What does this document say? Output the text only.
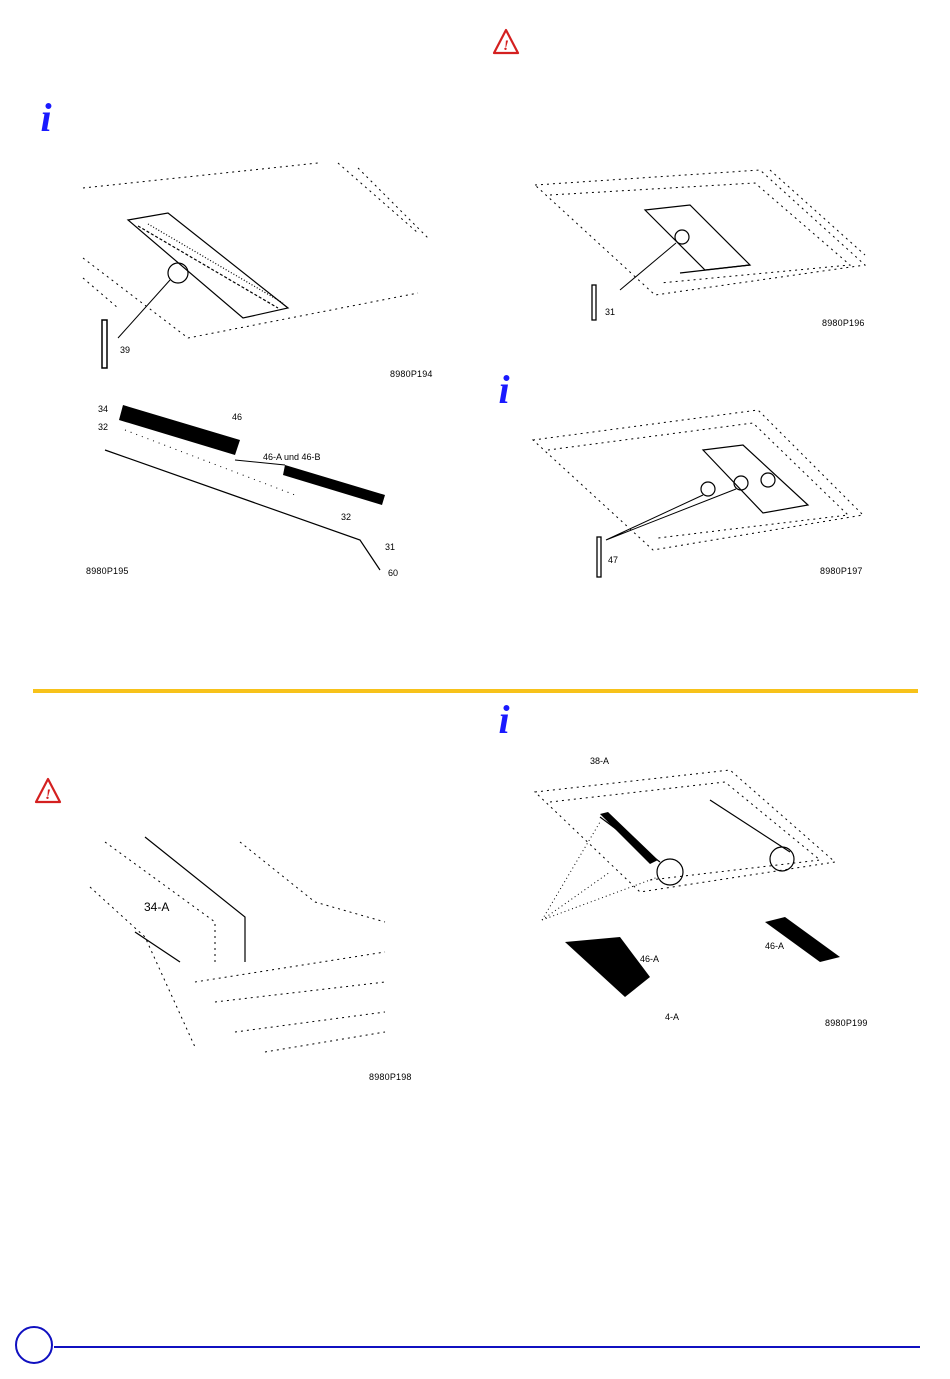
!
i
i
i
39
8980P194
34
32
46
46-A und 46-B
32
31
60
8980P195
31
8980P196
47
8980P197
!
34-A
8980P198
38-A
46-A
46-A
4-A
8980P199
